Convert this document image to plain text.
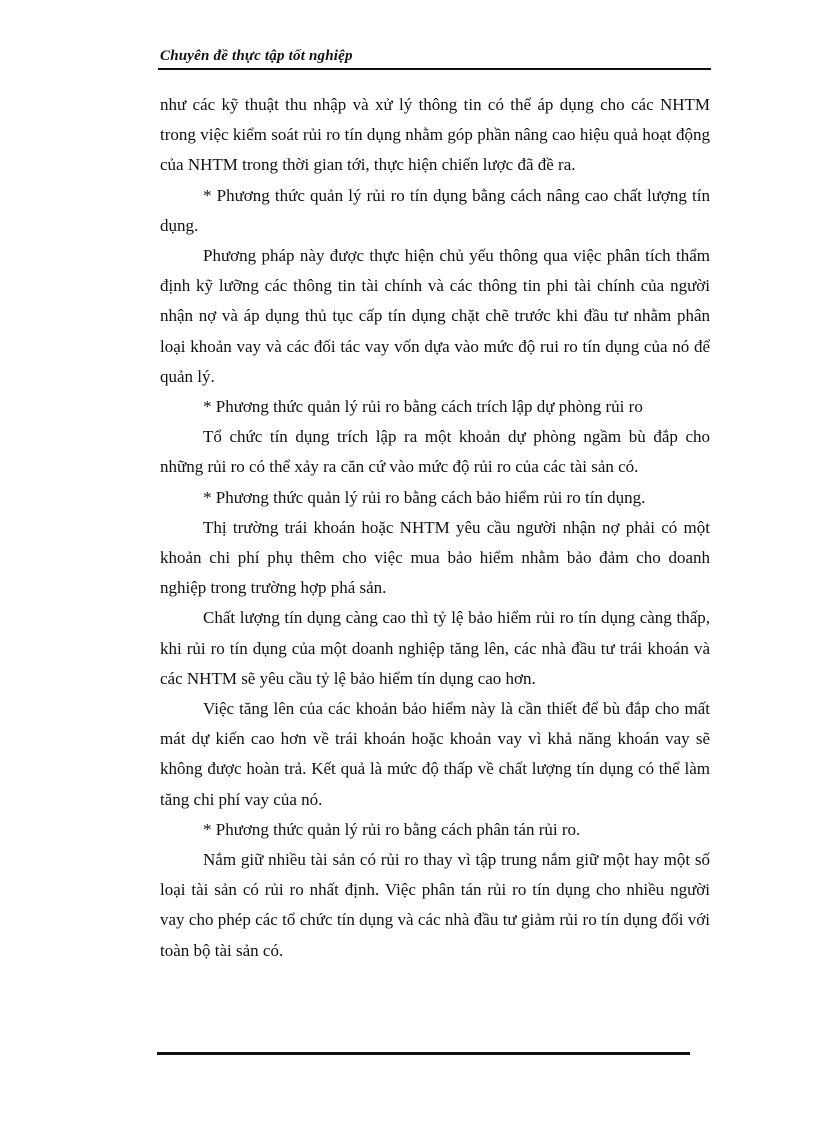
Chuyên đề thực tập tốt nghiệp

như các kỹ thuật thu nhập và xử lý thông tin có thể áp dụng cho các NHTM trong việc kiểm soát rủi ro tín dụng nhằm góp phần nâng cao hiệu quả hoạt động của NHTM trong thời gian tới, thực hiện chiến lược đã đề ra.

* Phương thức quản lý rủi ro tín dụng bằng cách nâng cao chất lượng tín dụng.

Phương pháp này được thực hiện chủ yếu thông qua việc phân tích thẩm định kỹ lưỡng các thông tin tài chính và các thông tin phi tài chính của người nhận nợ và áp dụng thủ tục cấp tín dụng chặt chẽ trước khi đầu tư nhằm phân loại khoản vay và các đối tác vay vốn dựa vào mức độ rui ro tín dụng của nó để quản lý.

* Phương thức quản lý rủi ro bằng cách trích lập dự phòng rủi ro

Tổ chức tín dụng trích lập ra một khoản dự phòng ngầm bù đắp cho những rủi ro có thể xảy ra căn cứ vào mức độ rủi ro của các tài sản có.

* Phương thức quản lý rủi ro bằng cách bảo hiểm rủi ro tín dụng.

Thị trường trái khoán hoặc NHTM yêu cầu người nhận nợ phải có một khoản chi phí phụ thêm cho việc mua bảo hiểm nhằm bảo đảm cho doanh nghiệp trong trường hợp phá sản.

Chất lượng tín dụng càng cao thì tỷ lệ bảo hiểm rủi ro tín dụng càng thấp, khi rủi ro tín dụng của một doanh nghiệp tăng lên, các nhà đầu tư trái khoán và các NHTM sẽ yêu cầu tỷ lệ bảo hiểm tín dụng cao hơn.

Việc tăng lên của các khoản bảo hiểm này là cần thiết để bù đắp cho mất mát dự kiến cao hơn về trái khoán hoặc khoản vay vì khả năng khoán vay sẽ không được hoàn trả. Kết quả là mức độ thấp về chất lượng tín dụng có thể làm tăng chi phí vay của nó.

* Phương thức quản lý rủi ro bằng cách phân tán rủi ro.

Nắm giữ nhiều tài sản có rủi ro thay vì tập trung nắm giữ một hay một số loại tài sản có rủi ro nhất định. Việc phân tán rủi ro tín dụng cho nhiều người vay cho phép các tổ chức tín dụng và các nhà đầu tư giảm rủi ro tín dụng đối với toàn bộ tài sản có.
